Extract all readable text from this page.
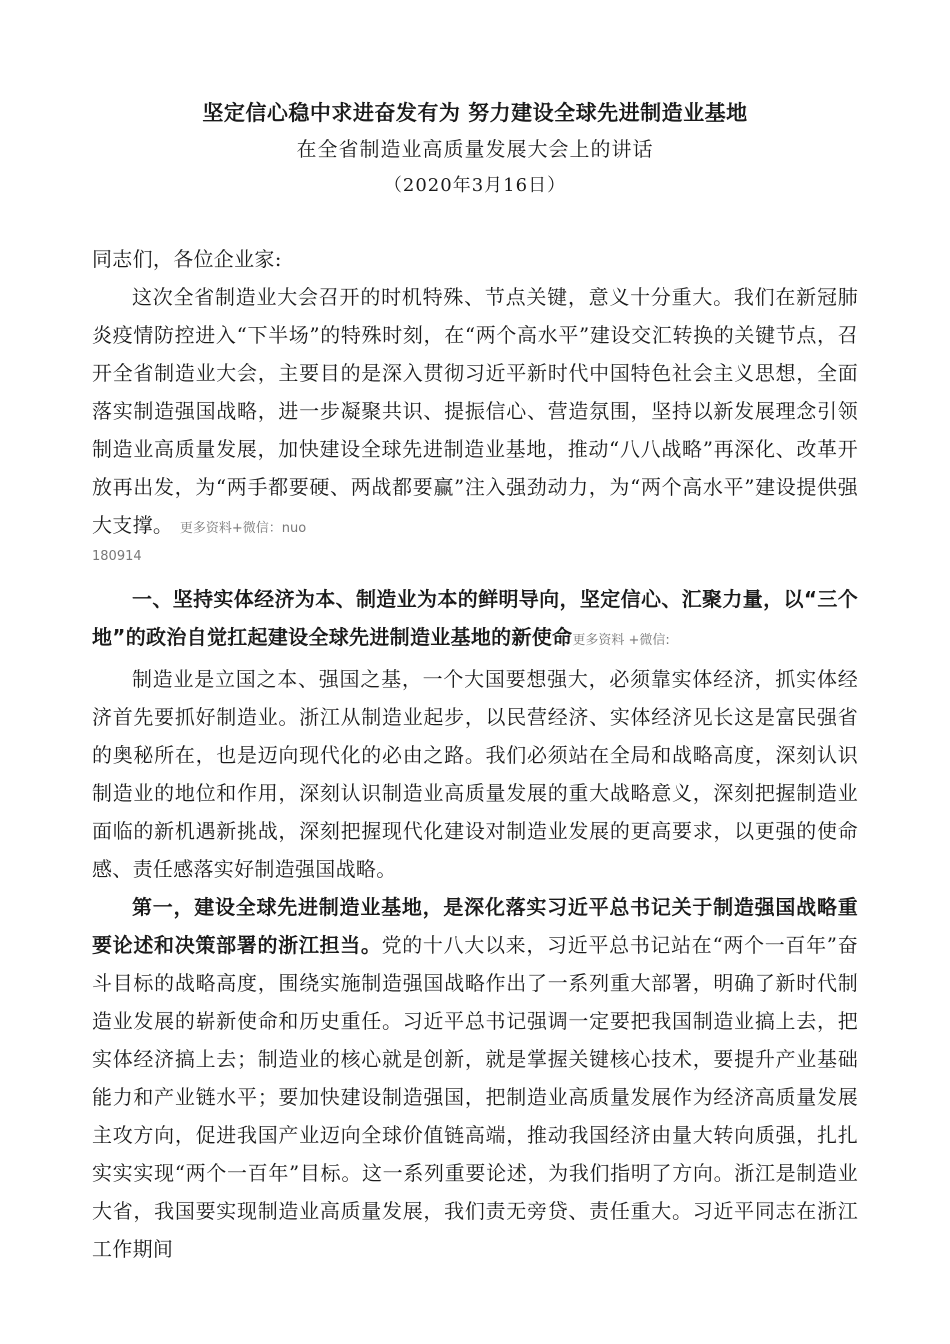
坚定信心稳中求进奋发有为 努力建设全球先进制造业基地
在全省制造业高质量发展大会上的讲话
（2020年3月16日）

同志们，各位企业家:

这次全省制造业大会召开的时机特殊、节点关键，意义十分重大。我们在新冠肺炎疫情防控进入“下半场”的特殊时刻，在“两个高水平”建设交汇转换的关键节点，召开全省制造业大会，主要目的是深入贯彻习近平新时代中国特色社会主义思想，全面落实制造强国战略，进一步凝聚共识、提振信心、营造氛围，坚持以新发展理念引领制造业高质量发展，加快建设全球先进制造业基地，推动“八八战略”再深化、改革开放再出发，为“两手都要硬、两战都要赢”注入强劲动力，为“两个高水平”建设提供强大支撑。 更多资料+微信：nuo

180914

一、坚持实体经济为本、制造业为本的鲜明导向，坚定信心、汇聚力量，以“三个地”的政治自觉扛起建设全球先进制造业基地的新使命更多资料 +微信:

制造业是立国之本、强国之基，一个大国要想强大，必须靠实体经济，抓实体经济首先要抓好制造业。浙江从制造业起步，以民营经济、实体经济见长这是富民强省的奥秘所在，也是迈向现代化的必由之路。我们必须站在全局和战略高度，深刻认识制造业的地位和作用，深刻认识制造业高质量发展的重大战略意义，深刻把握制造业面临的新机遇新挑战，深刻把握现代化建设对制造业发展的更高要求，以更强的使命感、责任感落实好制造强国战略。

第一，建设全球先进制造业基地，是深化落实习近平总书记关于制造强国战略重要论述和决策部署的浙江担当。党的十八大以来，习近平总书记站在“两个一百年”奋斗目标的战略高度，围绕实施制造强国战略作出了一系列重大部署，明确了新时代制造业发展的崭新使命和历史重任。习近平总书记强调一定要把我国制造业搞上去，把实体经济搞上去；制造业的核心就是创新，就是掌握关键核心技术，要提升产业基础能力和产业链水平；要加快建设制造强国，把制造业高质量发展作为经济高质量发展主攻方向，促进我国产业迈向全球价值链高端，推动我国经济由量大转向质强，扎扎实实实现“两个一百年”目标。这一系列重要论述，为我们指明了方向。浙江是制造业大省，我国要实现制造业高质量发展，我们责无旁贷、责任重大。习近平同志在浙江工作期间
